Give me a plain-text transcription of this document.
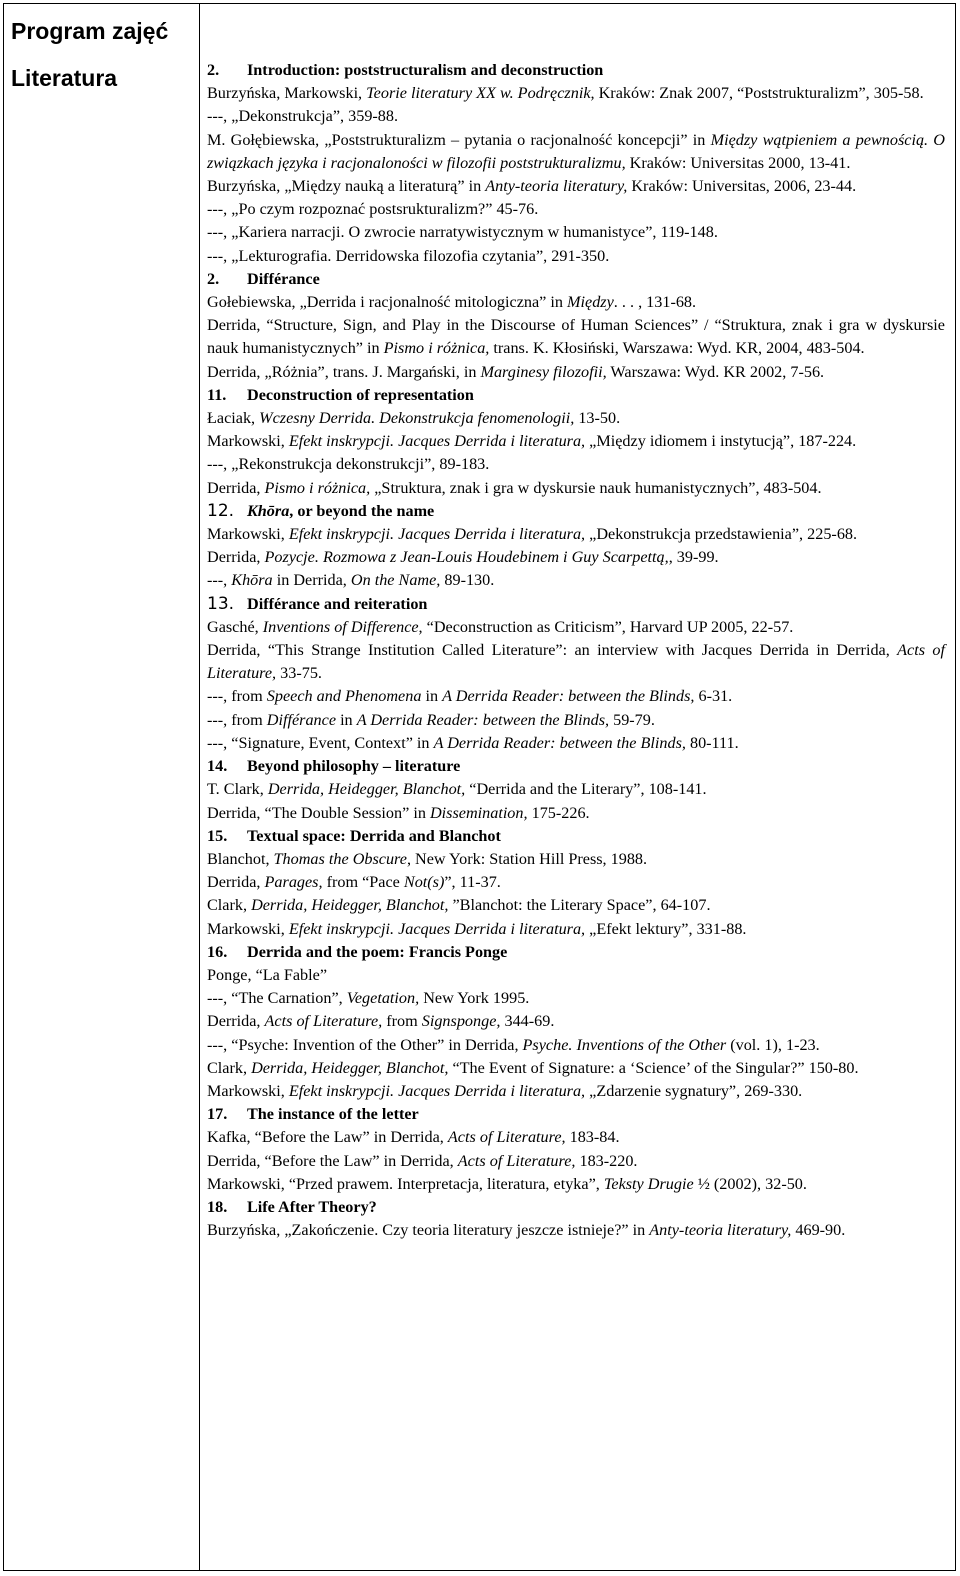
Program zajęć
Literatura	2. Introduction: poststructuralism and deconstruction
Burzyńska, Markowski, Teorie literatury XX w. Podręcznik, Kraków: Znak 2007, “Poststrukturalizm”, 305-58.
---, „Dekonstrukcja”, 359-88.
M. Gołębiewska, „Poststrukturalizm – pytania o racjonalność koncepcji” in Między wątpieniem a pewnością. O związkach języka i racjonaloności w filozofii poststrukturalizmu, Kraków: Universitas 2000, 13-41.
Burzyńska, „Między nauką a literaturą” in Anty-teoria literatury, Kraków: Universitas, 2006, 23-44.
---, „Po czym rozpoznać postsrukturalizm?” 45-76.
---, „Kariera narracji. O zwrocie narratywistycznym w humanistyce”, 119-148.
---, „Lekturografia. Derridowska filozofia czytania”, 291-350.
2. Différance
Gołebiewska, „Derrida i racjonalność mitologiczna” in Między. . . , 131-68.
Derrida, “Structure, Sign, and Play in the Discourse of Human Sciences” / “Struktura, znak i gra w dyskursie nauk humanistycznych” in Pismo i różnica, trans. K. Kłosiński, Warszawa: Wyd. KR, 2004, 483-504.
Derrida, „Różnia”, trans. J. Margański, in Marginesy filozofii, Warszawa: Wyd. KR 2002, 7-56.
11. Deconstruction of representation
Łaciak, Wczesny Derrida. Dekonstrukcja fenomenologii, 13-50.
Markowski, Efekt inskrypcji. Jacques Derrida i literatura, „Między idiomem i instytucją”, 187-224.
---, „Rekonstrukcja dekonstrukcji”, 89-183.
Derrida, Pismo i różnica, „Struktura, znak i gra w dyskursie nauk humanistycznych”, 483-504.
12. Khōra, or beyond the name
Markowski, Efekt inskrypcji. Jacques Derrida i literatura, „Dekonstrukcja przedstawienia”, 225-68.
Derrida, Pozycje. Rozmowa z Jean-Louis Houdebinem i Guy Scarpettą,, 39-99.
---, Khōra in Derrida, On the Name, 89-130.
13. Différance and reiteration
Gasché, Inventions of Difference, “Deconstruction as Criticism”, Harvard UP 2005, 22-57.
Derrida, “This Strange Institution Called Literature”: an interview with Jacques Derrida in Derrida, Acts of Literature, 33-75.
---, from Speech and Phenomena in A Derrida Reader: between the Blinds, 6-31.
---, from Différance in A Derrida Reader: between the Blinds, 59-79.
---, “Signature, Event, Context” in A Derrida Reader: between the Blinds, 80-111.
14. Beyond philosophy – literature
T. Clark, Derrida, Heidegger, Blanchot, “Derrida and the Literary”, 108-141.
Derrida, “The Double Session” in Dissemination, 175-226.
15. Textual space: Derrida and Blanchot
Blanchot, Thomas the Obscure, New York: Station Hill Press, 1988.
Derrida, Parages, from “Pace Not(s)”, 11-37.
Clark, Derrida, Heidegger, Blanchot, ”Blanchot: the Literary Space”, 64-107.
Markowski, Efekt inskrypcji. Jacques Derrida i literatura, „Efekt lektury”, 331-88.
16. Derrida and the poem: Francis Ponge
Ponge, “La Fable”
---, “The Carnation”, Vegetation, New York 1995.
Derrida, Acts of Literature, from Signsponge, 344-69.
---, “Psyche: Invention of the Other” in Derrida, Psyche. Inventions of the Other (vol. 1), 1-23.
Clark, Derrida, Heidegger, Blanchot, “The Event of Signature: a ‘Science’ of the Singular?” 150-80.
Markowski, Efekt inskrypcji. Jacques Derrida i literatura, „Zdarzenie sygnatury”, 269-330.
17. The instance of the letter
Kafka, “Before the Law” in Derrida, Acts of Literature, 183-84.
Derrida, “Before the Law” in Derrida, Acts of Literature, 183-220.
Markowski, “Przed prawem. Interpretacja, literatura, etyka”, Teksty Drugie ½ (2002), 32-50.
18. Life After Theory?
Burzyńska, „Zakończenie. Czy teoria literatury jeszcze istnieje?” in Anty-teoria literatury, 469-90.
